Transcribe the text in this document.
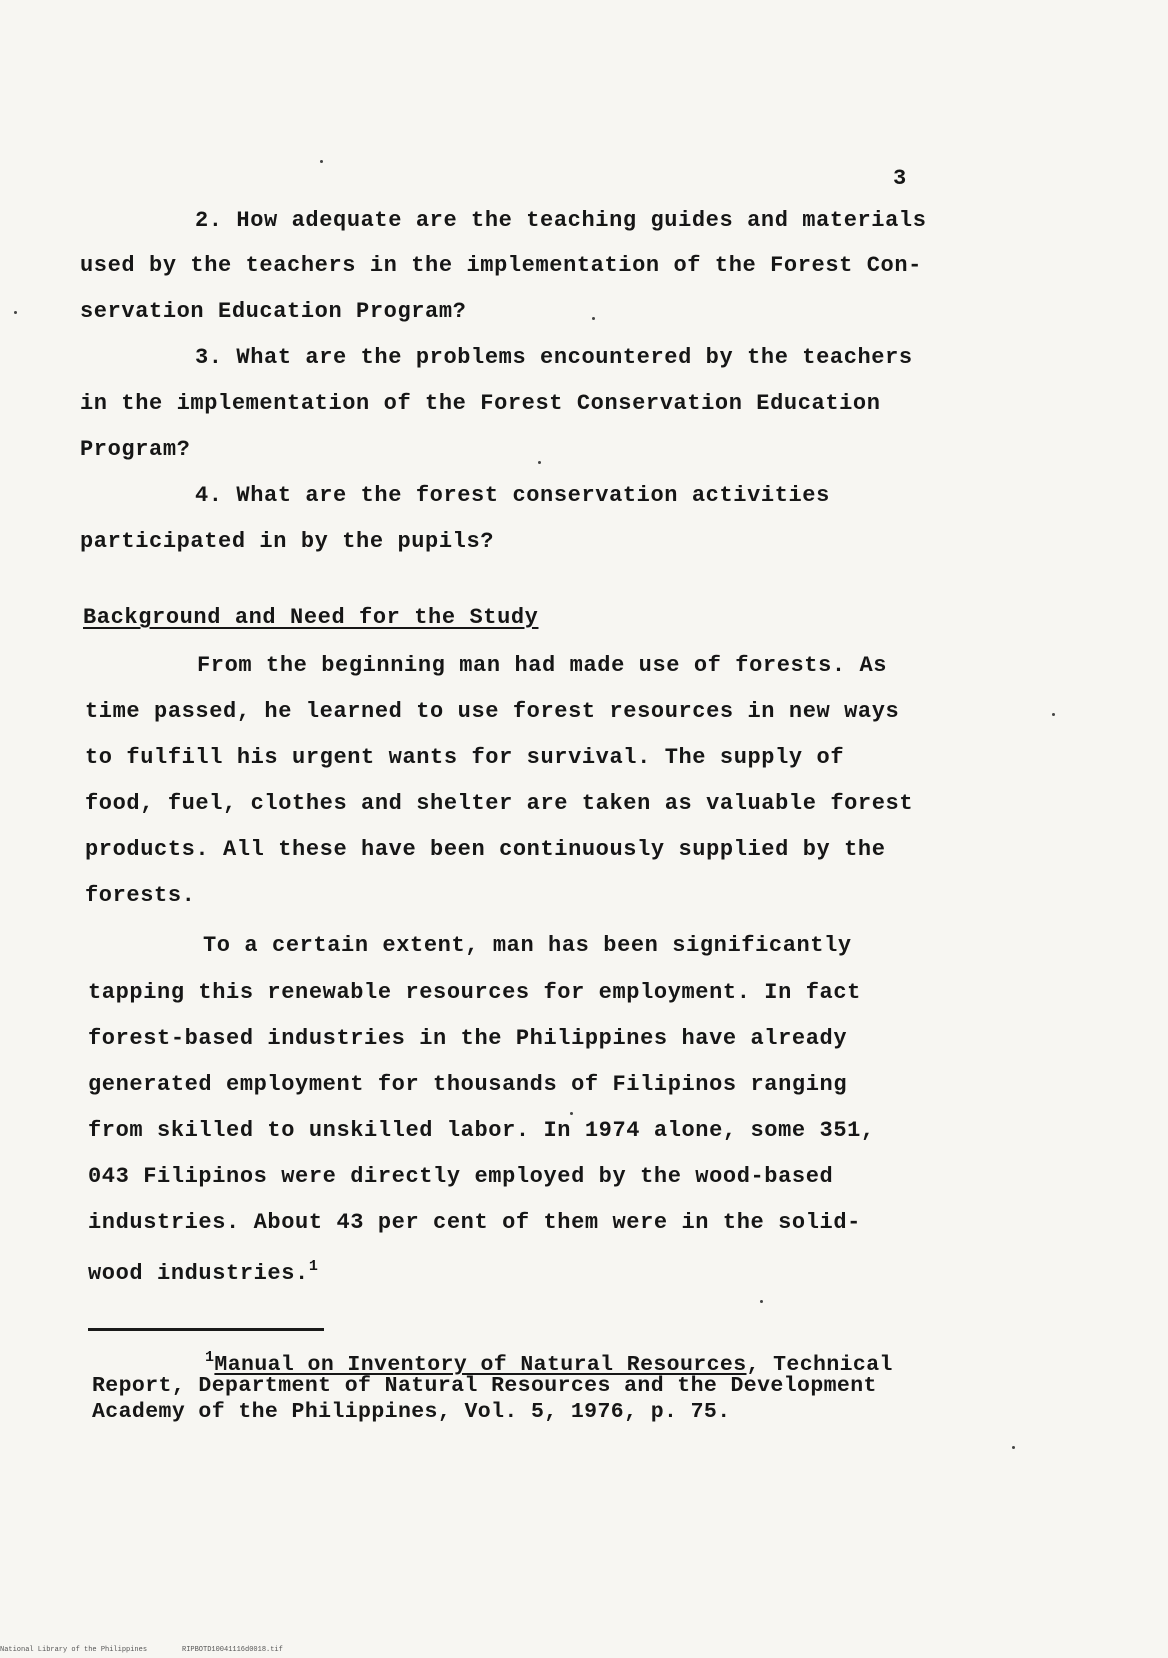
3
2. How adequate are the teaching guides and materials
used by the teachers in the implementation of the Forest Con-
servation Education Program?
3. What are the problems encountered by the teachers
in the implementation of the Forest Conservation Education
Program?
4. What are the forest conservation activities
participated in by the pupils?
Background and Need for the Study
From the beginning man had made use of forests. As
time passed, he learned to use forest resources in new ways
to fulfill his urgent wants for survival. The supply of
food, fuel, clothes and shelter are taken as valuable forest
products. All these have been continuously supplied by the
forests.
To a certain extent, man has been significantly
tapping this renewable resources for employment. In fact
forest-based industries in the Philippines have already
generated employment for thousands of Filipinos ranging
from skilled to unskilled labor. In 1974 alone, some 351,
043 Filipinos were directly employed by the wood-based
industries. About 43 per cent of them were in the solid-
wood industries.$^1$
$^1$Manual on Inventory of Natural Resources, Technical
Report, Department of Natural Resources and the Development
Academy of the Philippines, Vol. 5, 1976, p. 75.
National Library of the Philippines	RIPBOTD10041116d0018.tif
